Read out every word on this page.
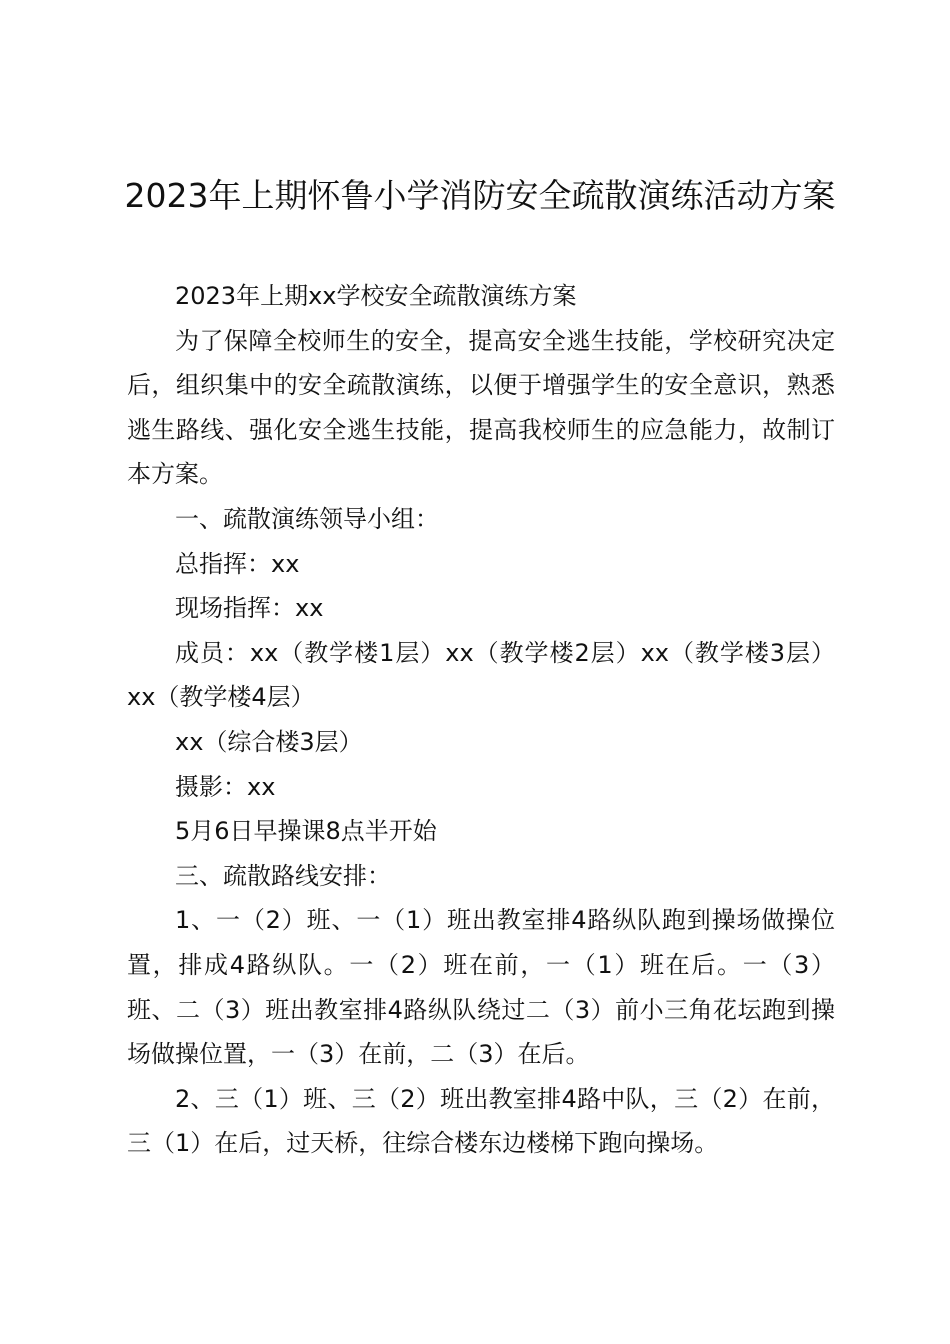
2023年上期怀鲁小学消防安全疏散演练活动方案

2023年上期xx学校安全疏散演练方案

为了保障全校师生的安全，提高安全逃生技能，学校研究决定后，组织集中的安全疏散演练，以便于增强学生的安全意识，熟悉逃生路线、强化安全逃生技能，提高我校师生的应急能力，故制订本方案。

一、疏散演练领导小组：

总指挥：xx

现场指挥：xx

成员：xx（教学楼1层）xx（教学楼2层）xx（教学楼3层）xx（教学楼4层）

xx（综合楼3层）

摄影：xx

5月6日早操课8点半开始

三、疏散路线安排：

1、一（2）班、一（1）班出教室排4路纵队跑到操场做操位置，排成4路纵队。一（2）班在前，一（1）班在后。一（3）班、二（3）班出教室排4路纵队绕过二（3）前小三角花坛跑到操场做操位置，一（3）在前，二（3）在后。

2、三（1）班、三（2）班出教室排4路中队，三（2）在前，三（1）在后，过天桥，往综合楼东边楼梯下跑向操场。
